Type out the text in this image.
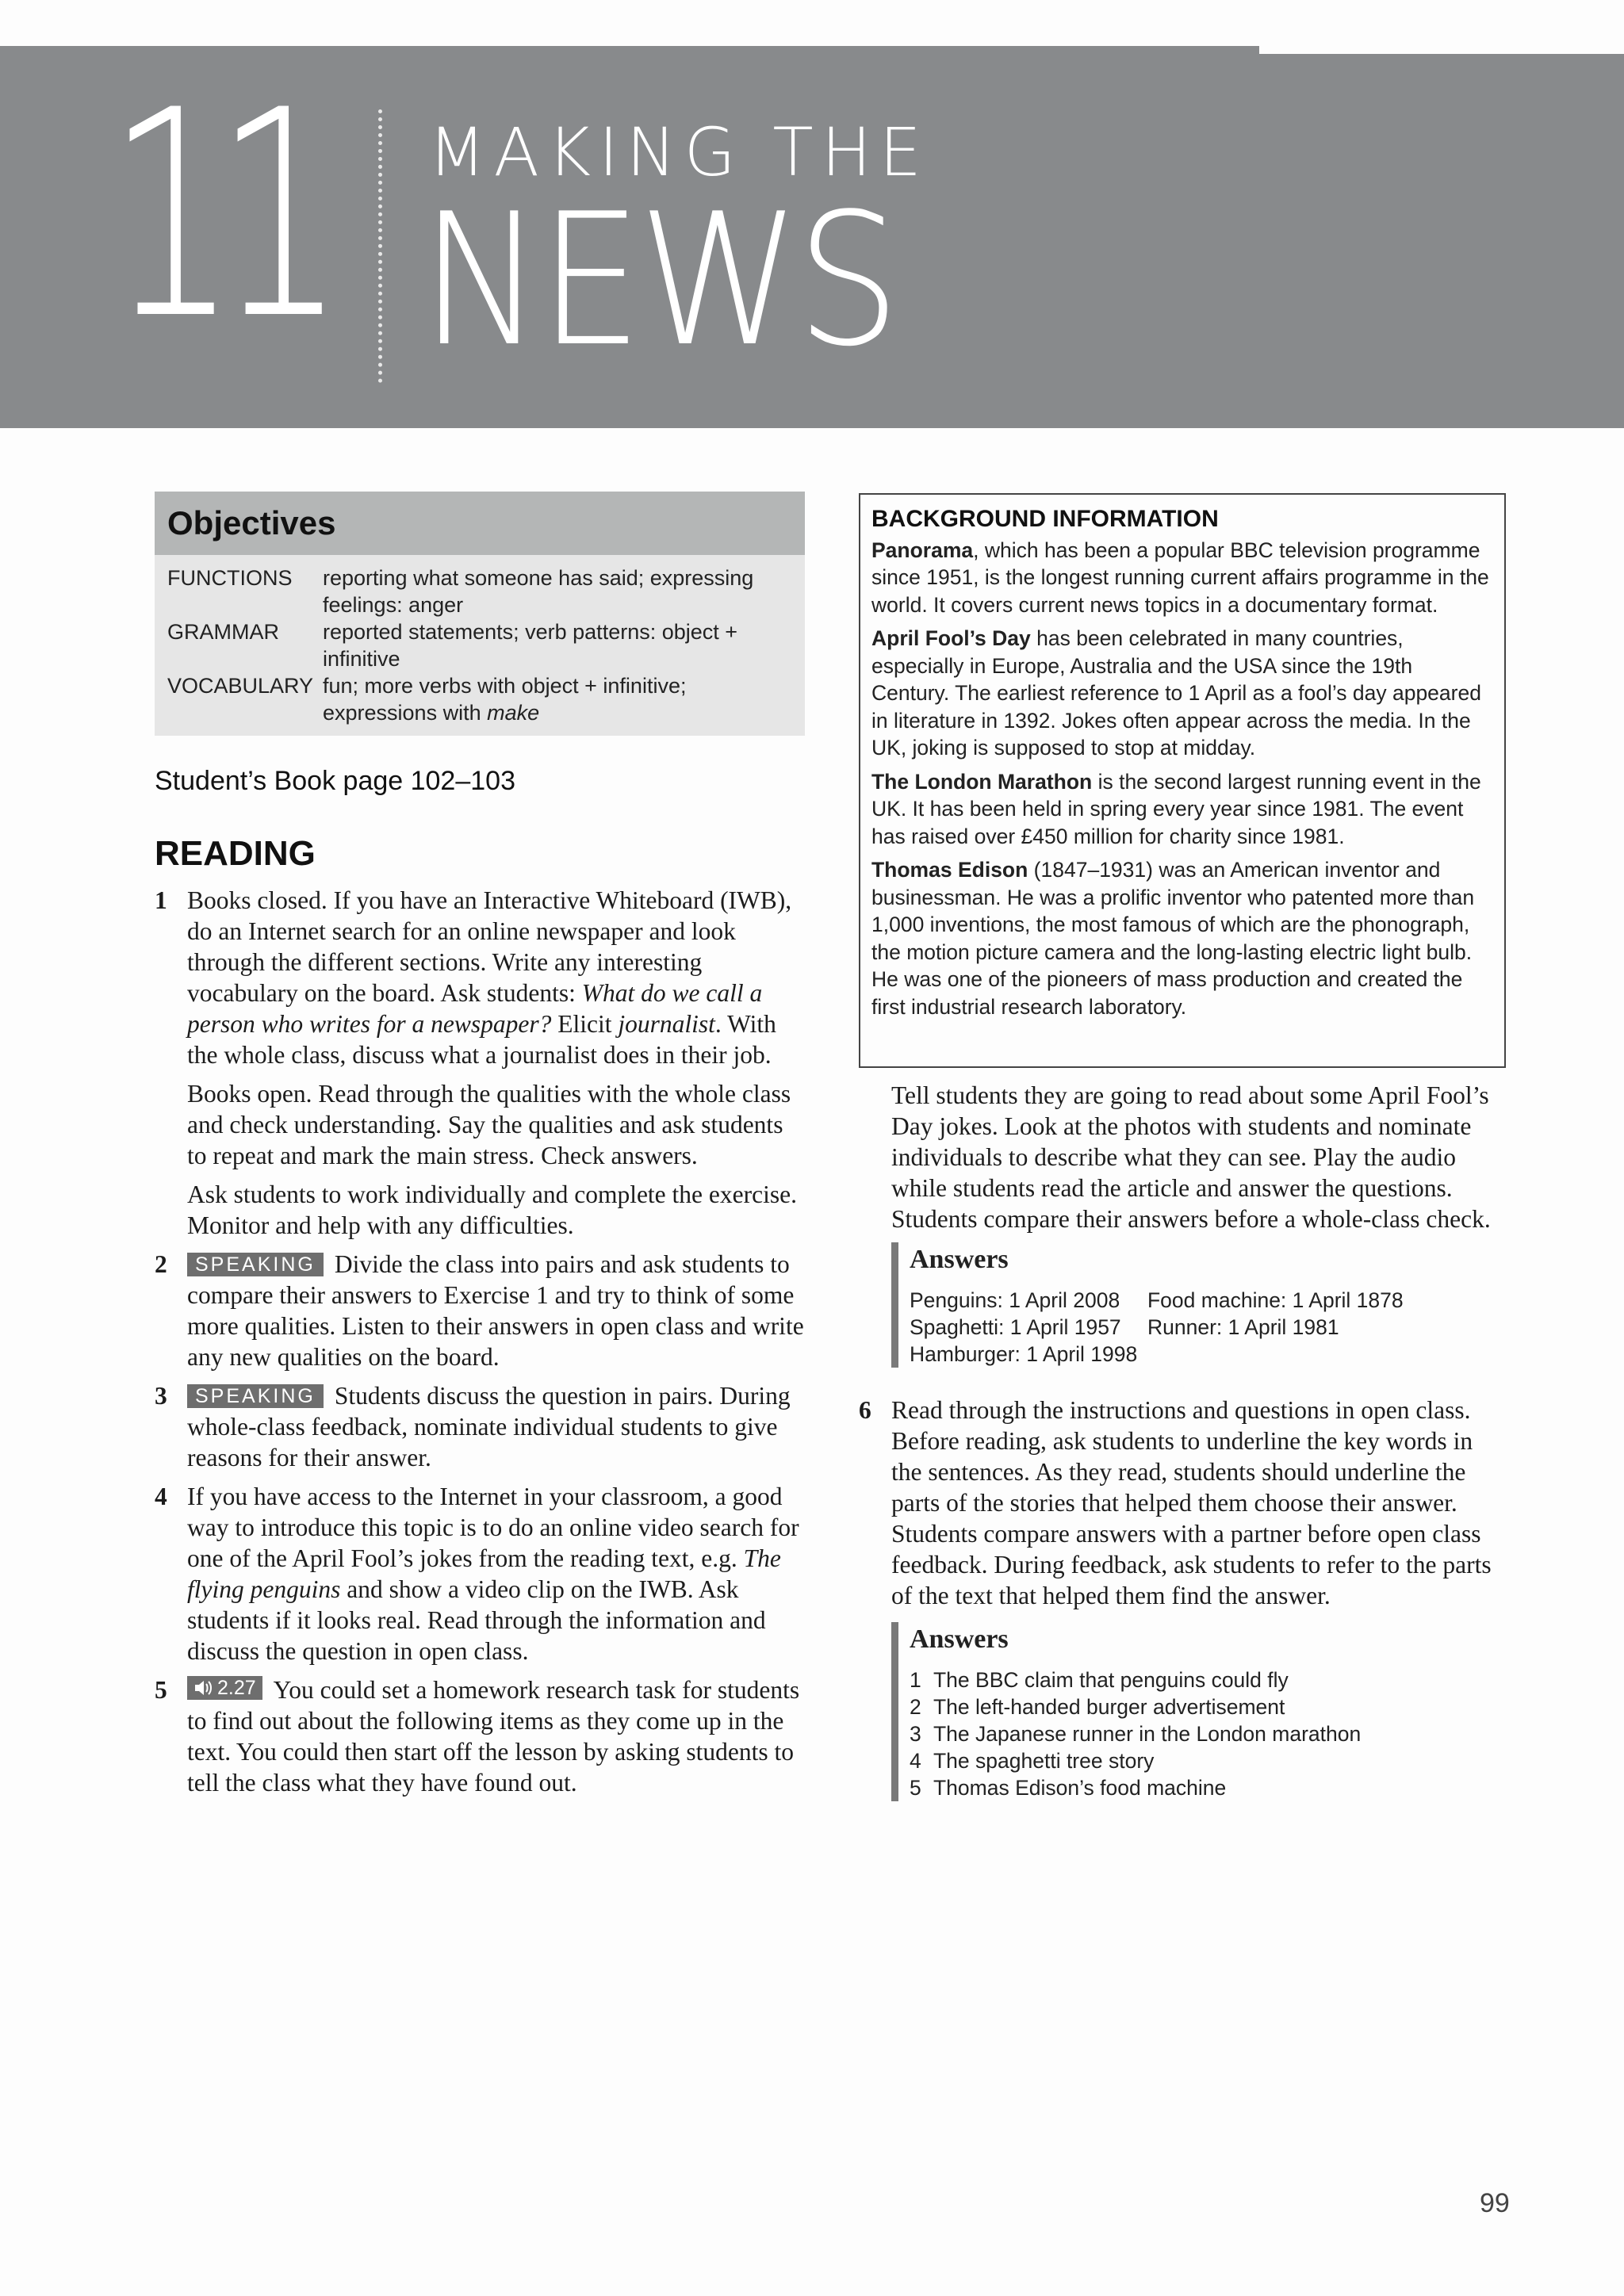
11 MAKING THE
NEWS
Objectives
FUNCTIONS	reporting what someone has said; expressing feelings: anger
GRAMMAR	reported statements; verb patterns: object + infinitive
VOCABULARY fun; more verbs with object + infinitive; expressions with make
Student’s Book page 102–103
READING
1 Books closed. If you have an Interactive Whiteboard (IWB), do an Internet search for an online newspaper and look through the different sections. Write any interesting vocabulary on the board. Ask students: What do we call a person who writes for a newspaper? Elicit journalist. With the whole class, discuss what a journalist does in their job.

Books open. Read through the qualities with the whole class and check understanding. Say the qualities and ask students to repeat and mark the main stress. Check answers.

Ask students to work individually and complete the exercise. Monitor and help with any difficulties.

2	SPEAKING Divide the class into pairs and ask students to compare their answers to Exercise 1 and try to think of some more qualities. Listen to their answers in open class and write any new qualities on the board.

3	SPEAKING Students discuss the question in pairs. During whole-class feedback, nominate individual students to give reasons for their answer.

4 If you have access to the Internet in your classroom, a good way to introduce this topic is to do an online video search for one of the April Fool’s jokes from the reading text, e.g. The flying penguins and show a video clip on the IWB. Ask students if it looks real. Read through the information and discuss the question in open class.

5	2.27 You could set a homework research task for students to find out about the following items as they come up in the text. You could then start off the lesson by asking students to tell the class what they have found out.

BACKGROUND INFORMATION

Panorama, which has been a popular BBC television programme since 1951, is the longest running current affairs programme in the world. It covers current news topics in a documentary format.

April Fool’s Day has been celebrated in many countries, especially in Europe, Australia and the USA since the 19th Century. The earliest reference to 1 April as a fool’s day appeared in literature in 1392. Jokes often appear across the media. In the UK, joking is supposed to stop at midday.

The London Marathon is the second largest running event in the UK. It has been held in spring every year since 1981. The event has raised over £450 million for charity since 1981.

Thomas Edison (1847–1931) was an American inventor and businessman. He was a prolific inventor who patented more than 1,000 inventions, the most famous of which are the phonograph, the motion picture camera and the long-lasting electric light bulb. He was one of the pioneers of mass production and created the first industrial research laboratory.

Tell students they are going to read about some April Fool’s Day jokes. Look at the photos with students and nominate individuals to describe what they can see. Play the audio while students read the article and answer the questions. Students compare their answers before a whole-class check.

Answers
Penguins: 1 April 2008	Food machine: 1 April 1878
Spaghetti: 1 April 1957	Runner: 1 April 1981
Hamburger: 1 April 1998
6 Read through the instructions and questions in open class. Before reading, ask students to underline the key words in the sentences. As they read, students should underline the parts of the stories that helped them choose their answer. Students compare answers with a partner before open class feedback. During feedback, ask students to refer to the parts of the text that helped them find the answer.

Answers
1 The BBC claim that penguins could fly
2 The left-handed burger advertisement
3 The Japanese runner in the London marathon
4 The spaghetti tree story
5 Thomas Edison’s food machine
99
